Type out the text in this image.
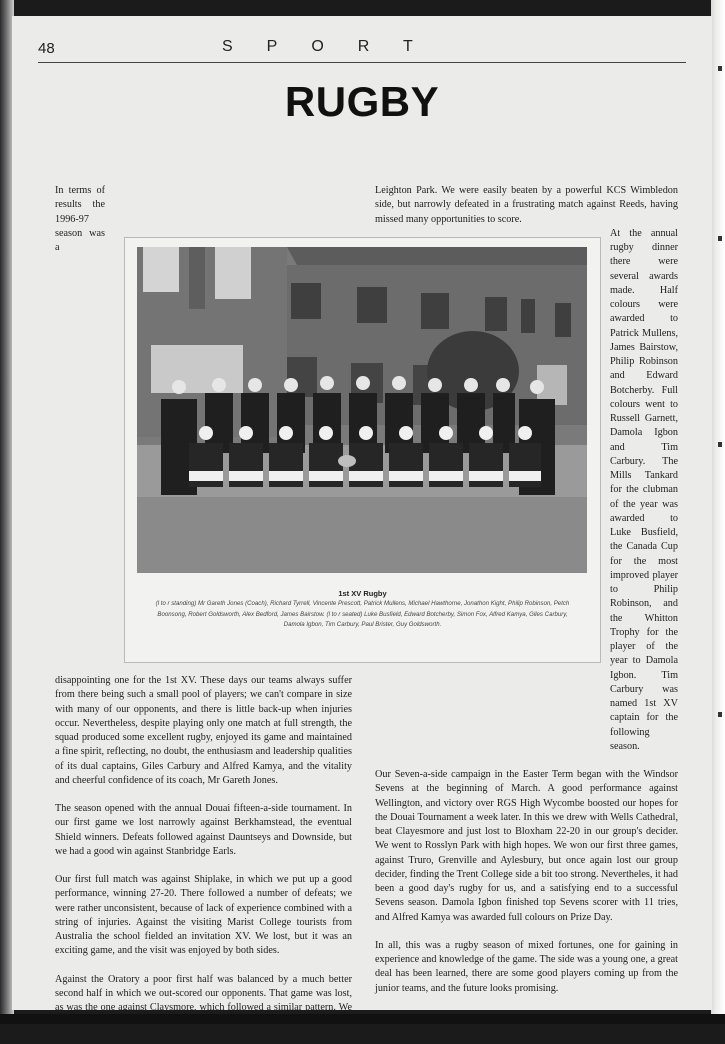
48	SPORT
RUGBY

In terms of results the 1996-97 season was a disappointing one for the 1st XV. These days our teams always suffer from there being such a small pool of players; we can't compare in size with many of our opponents, and there is little back-up when injuries occur. Nevertheless, despite playing only one match at full strength, the squad produced some excellent rugby, enjoyed its game and maintained a fine spirit, reflecting, no doubt, the enthusiasm and leadership qualities of its dual captains, Giles Carbury and Alfred Kamya, and the vitality and cheerful confidence of its coach, Mr Gareth Jones.

The season opened with the annual Douai fifteen-a-side tournament. In our first game we lost narrowly against Berkhamstead, the eventual Shield winners. Defeats followed against Dauntseys and Downside, but we had a good win against Stanbridge Earls.

Our first full match was against Shiplake, in which we put up a good performance, winning 27-20. There followed a number of defeats; we were rather unconsistent, because of lack of experience combined with a string of injuries. Against the visiting Marist College tourists from Australia the school fielded an invitation XV. We lost, but it was an exciting game, and the visit was enjoyed by both sides.

Against the Oratory a poor first half was balanced by a much better second half in which we out-scored our opponents. That game was lost, as was the one against Claysmore, which followed a similar pattern. We

Leighton Park. We were easily beaten by a powerful KCS Wimbledon side, but narrowly defeated in a frustrating match against Reeds, having missed many opportunities to score.

At the annual rugby dinner there were several awards made. Half colours were awarded to Patrick Mullens, James Bairstow, Philip Robinson and Edward Botcherby. Full colours went to Russell Garnett, Damola Igbon and Tim Carbury. The Mills Tankard for the clubman of the year was awarded to Luke Busfield, the Canada Cup for the most improved player to Philip Robinson, and the Whitton Trophy for the player of the year to Damola Igbon. Tim Carbury was named 1st XV captain for the following season.

Our Seven-a-side campaign in the Easter Term began with the Windsor Sevens at the beginning of March. A good performance against Wellington, and victory over RGS High Wycombe boosted our hopes for the Douai Tournament a week later. In this we drew with Wells Cathedral, beat Clayesmore and just lost to Bloxham 22-20 in our group's decider. We went to Rosslyn Park with high hopes. We won our first three games, against Truro, Grenville and Aylesbury, but once again lost our group decider, finding the Trent College side a bit too strong. Nevertheles, it had been a good day's rugby for us, and a satisfying end to a successful Sevens season. Damola Igbon finished top Sevens scorer with 11 tries, and Alfred Kamya was awarded full colours on Prize Day.

In all, this was a rugby season of mixed fortunes, one for gaining in experience and knowledge of the game. The side was a young one, a great deal has been learned, there are some good players coming up from the junior teams, and the future looks promising.

1st XV Rugby
(l to r standing) Mr Gareth Jones (Coach), Richard Tyrrell, Vincente Prescott, Patrick Mullens, Michael Hawthorne, Jonathon Kight, Philip Robinson, Petch Boonsong, Robert Goldsworth, Alex Bedford, James Bairstow. (l to r seated) Luke Busfield, Edward Botcherby, Simon Fox, Alfred Kamya, Giles Carbury, Damola Igbon, Tim Carbury, Paul Brister, Guy Goldsworth.
